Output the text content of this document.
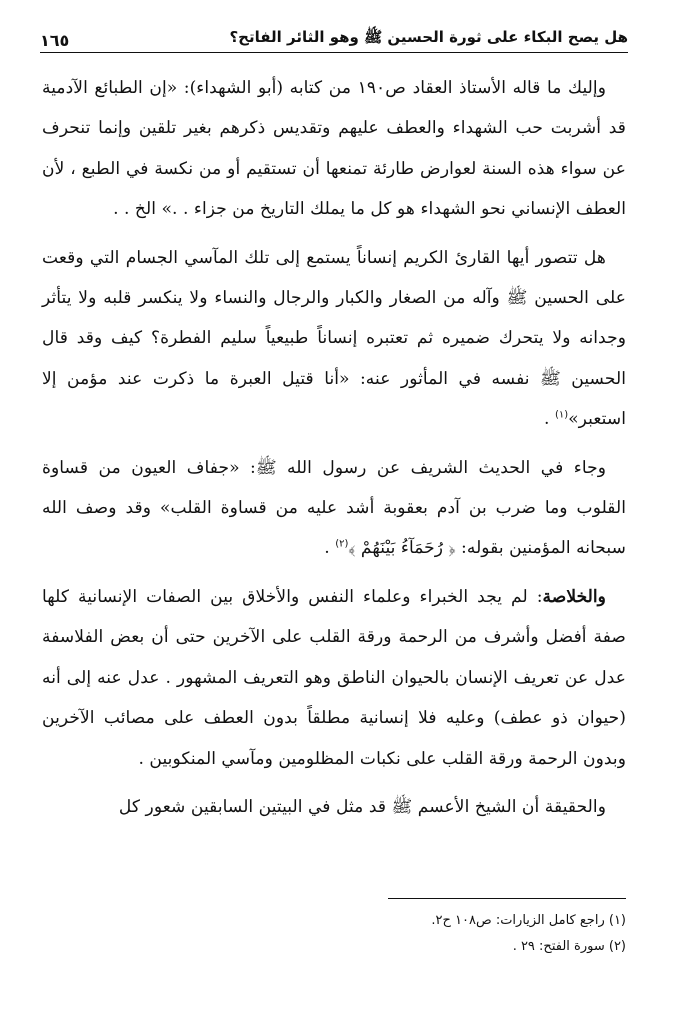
هل يصح البكاء على ثورة الحسين ﷺ وهو الثائر الفاتح؟
١٦٥

وإليك ما قاله الأستاذ العقاد ص١٩٠ من كتابه (أبو الشهداء): «إن الطبائع الآدمية قد أشربت حب الشهداء والعطف عليهم وتقديس ذكرهم بغير تلقين وإنما تنحرف عن سواء هذه السنة لعوارض طارئة تمنعها أن تستقيم أو من نكسة في الطبع ، لأن العطف الإنساني نحو الشهداء هو كل ما يملك التاريخ من جزاء . .» الخ . .

هل تتصور أيها القارئ الكريم إنساناً يستمع إلى تلك المآسي الجسام التي وقعت على الحسين ﷺ وآله من الصغار والكبار والرجال والنساء ولا ينكسر قلبه ولا يتأثر وجدانه ولا يتحرك ضميره ثم تعتبره إنساناً طبيعياً سليم الفطرة؟ كيف وقد قال الحسين ﷺ نفسه في المأثور عنه: «أنا قتيل العبرة ما ذكرت عند مؤمن إلا استعبر»$^{(١)}$ .

وجاء في الحديث الشريف عن رسول الله ﷺ: «جفاف العيون من قساوة القلوب وما ضرب بن آدم بعقوبة أشد عليه من قساوة القلب» وقد وصف الله سبحانه المؤمنين بقوله: ﴿ رُحَمَآءُ بَيْنَهُمْ ﴾$^{(٢)}$ .

والخلاصة: لم يجد الخبراء وعلماء النفس والأخلاق بين الصفات الإنسانية كلها صفة أفضل وأشرف من الرحمة ورقة القلب على الآخرين حتى أن بعض الفلاسفة عدل عن تعريف الإنسان بالحيوان الناطق وهو التعريف المشهور . عدل عنه إلى أنه (حيوان ذو عطف) وعليه فلا إنسانية مطلقاً بدون العطف على مصائب الآخرين وبدون الرحمة ورقة القلب على نكبات المظلومين ومآسي المنكوبين .

والحقيقة أن الشيخ الأعسم ﷺ قد مثل في البيتين السابقين شعور كل

(١) راجع كامل الزيارات: ص١٠٨ ح٢.
(٢) سورة الفتح: ٢٩ .
